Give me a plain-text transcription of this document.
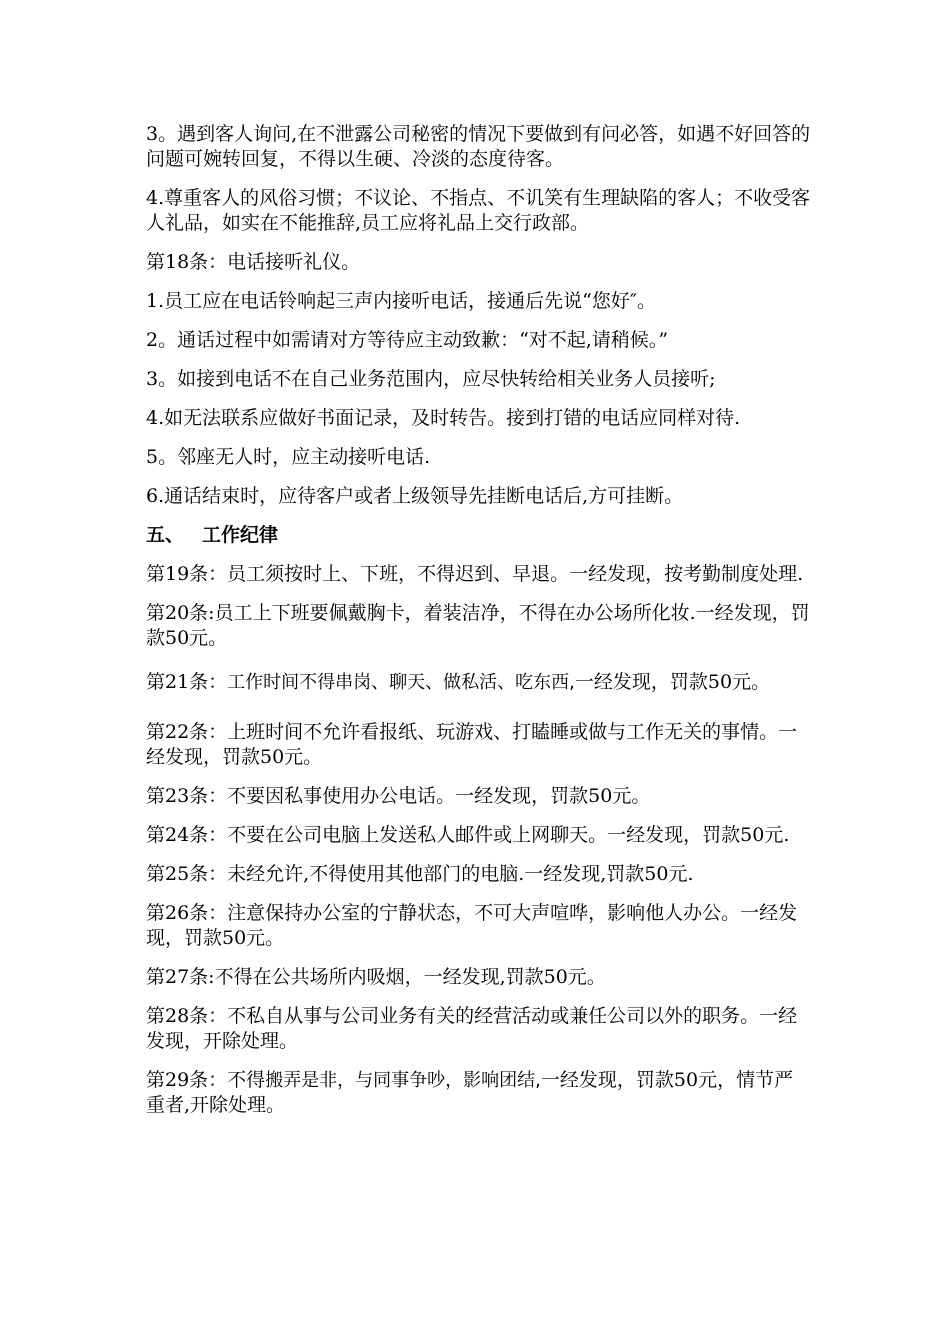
3。遇到客人询问,在不泄露公司秘密的情况下要做到有问必答，如遇不好回答的问题可婉转回复，不得以生硬、冷淡的态度待客。

4.尊重客人的风俗习惯；不议论、不指点、不讥笑有生理缺陷的客人；不收受客人礼品，如实在不能推辞,员工应将礼品上交行政部。

第18条：电话接听礼仪。

1.员工应在电话铃响起三声内接听电话，接通后先说“您好″。

2。通话过程中如需请对方等待应主动致歉：“对不起,请稍候。”

3。如接到电话不在自己业务范围内，应尽快转给相关业务人员接听;

4.如无法联系应做好书面记录，及时转告。接到打错的电话应同样对待.

5。邻座无人时，应主动接听电话.

6.通话结束时，应待客户或者上级领导先挂断电话后,方可挂断。

五、 工作纪律

第19条：员工须按时上、下班，不得迟到、早退。一经发现，按考勤制度处理.

第20条:员工上下班要佩戴胸卡，着装洁净，不得在办公场所化妆.一经发现，罚款50元。

第21条：工作时间不得串岗、聊天、做私活、吃东西,一经发现，罚款50元。

第22条：上班时间不允许看报纸、玩游戏、打瞌睡或做与工作无关的事情。一经发现，罚款50元。

第23条：不要因私事使用办公电话。一经发现，罚款50元。

第24条：不要在公司电脑上发送私人邮件或上网聊天。一经发现，罚款50元.

第25条：未经允许,不得使用其他部门的电脑.一经发现,罚款50元.

第26条：注意保持办公室的宁静状态，不可大声喧哗，影响他人办公。一经发现，罚款50元。

第27条:不得在公共场所内吸烟，一经发现,罚款50元。

第28条：不私自从事与公司业务有关的经营活动或兼任公司以外的职务。一经发现，开除处理。

第29条：不得搬弄是非，与同事争吵，影响团结,一经发现，罚款50元，情节严重者,开除处理。
